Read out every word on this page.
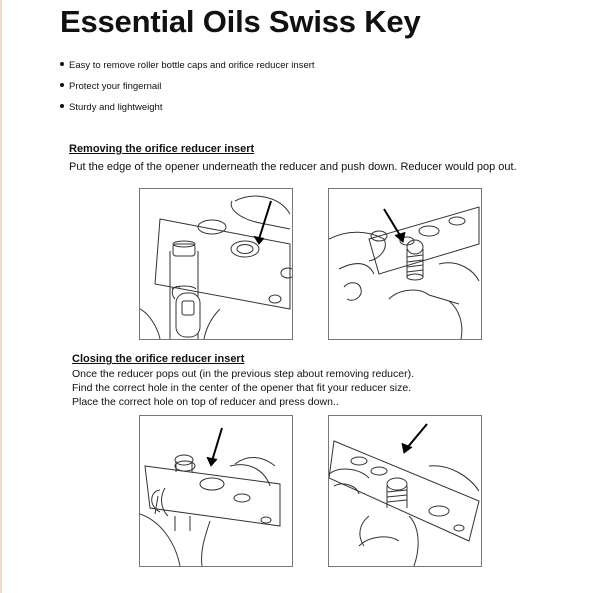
Essential Oils Swiss Key
Easy to remove roller bottle caps and orifice reducer insert
Protect your fingernail
Sturdy and lightweight
Removing the orifice reducer insert

Put the edge of the opener underneath the reducer and push down. Reducer would pop out.

Closing the orifice reducer insert
Once the reducer pops out (in the previous step about removing reducer).
Find the correct hole in the center of the opener that fit your reducer size.
Place the correct hole on top of reducer and press down..
